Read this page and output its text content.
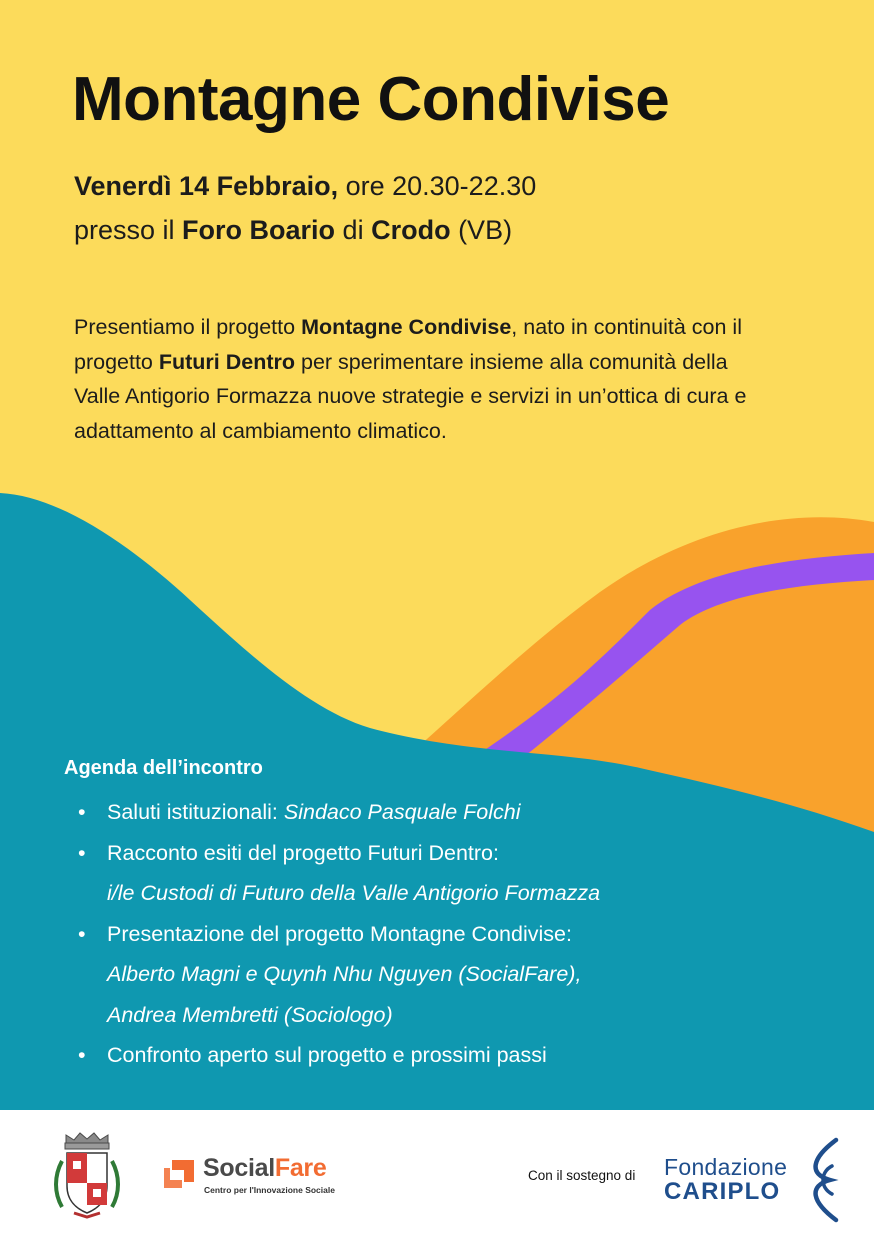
Montagne Condivise
Venerdì 14 Febbraio, ore 20.30-22.30
presso il Foro Boario di Crodo (VB)

Presentiamo il progetto Montagne Condivise, nato in continuità con il progetto Futuri Dentro per sperimentare insieme alla comunità della Valle Antigorio Formazza nuove strategie e servizi in un’ottica di cura e adattamento al cambiamento climatico.

Agenda dell’incontro
• Saluti istituzionali: Sindaco Pasquale Folchi
• Racconto esiti del progetto Futuri Dentro:
i/le Custodi di Futuro della Valle Antigorio Formazza
• Presentazione del progetto Montagne Condivise:
Alberto Magni e Quynh Nhu Nguyen (SocialFare),
Andrea Membretti (Sociologo)
• Confronto aperto sul progetto e prossimi passi

SocialFare

Centro per l'Innovazione Sociale

Con il sostegno di Fondazione

CARIPLO
